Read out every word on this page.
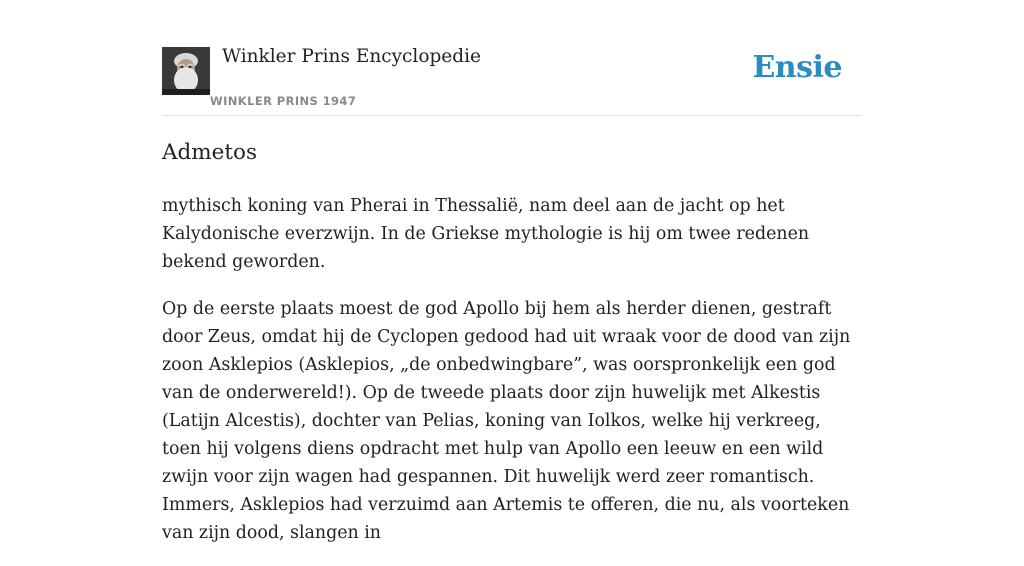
Winkler Prins Encyclopedie
WINKLER PRINS 1947
Ensie
Admetos

mythisch koning van Pherai in Thessalië, nam deel aan de jacht op het Kalydonische everzwijn. In de Griekse mythologie is hij om twee redenen bekend geworden.

Op de eerste plaats moest de god Apollo bij hem als herder dienen, gestraft door Zeus, omdat hij de Cyclopen gedood had uit wraak voor de dood van zijn zoon Asklepios (Asklepios, „de onbedwingbare”, was oorspronkelijk een god van de onderwereld!). Op de tweede plaats door zijn huwelijk met Alkestis (Latijn Alcestis), dochter van Pelias, koning van Iolkos, welke hij verkreeg, toen hij volgens diens opdracht met hulp van Apollo een leeuw en een wild zwijn voor zijn wagen had gespannen. Dit huwelijk werd zeer romantisch. Immers, Asklepios had verzuimd aan Artemis te offeren, die nu, als voorteken van zijn dood, slangen in
